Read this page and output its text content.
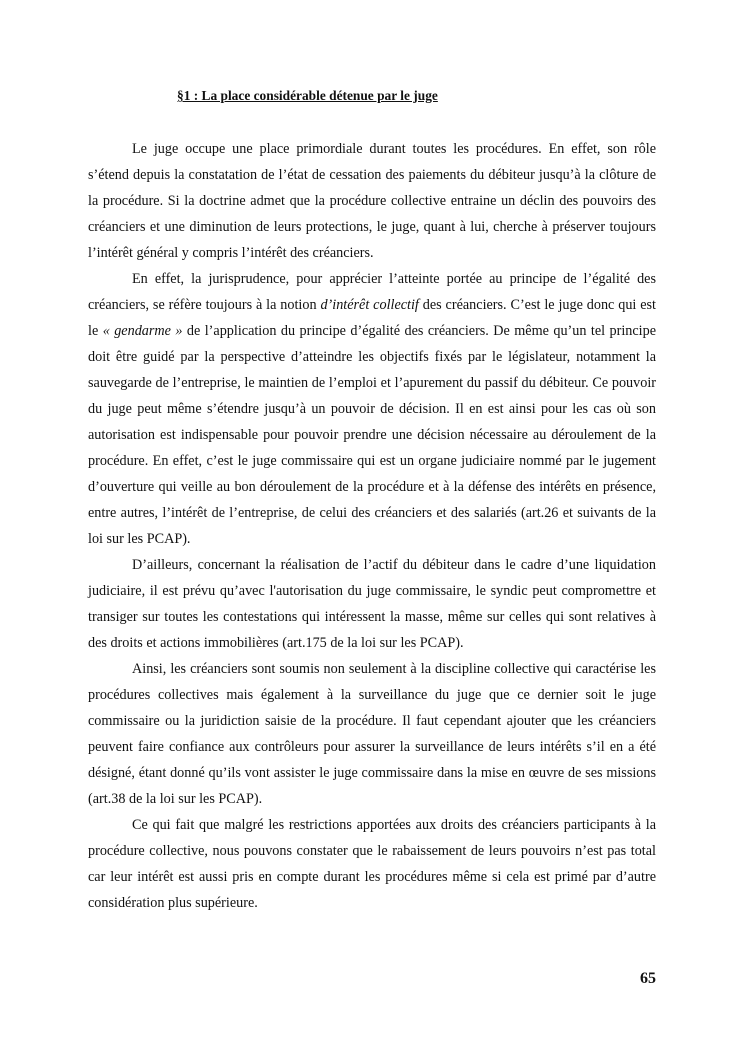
§1 : La place considérable détenue par le juge

Le juge occupe une place primordiale durant toutes les procédures. En effet, son rôle s’étend depuis la constatation de l’état de cessation des paiements du débiteur jusqu’à la clôture de la procédure. Si la doctrine admet que la procédure collective entraine un déclin des pouvoirs des créanciers et une diminution de leurs protections, le juge, quant à lui, cherche à préserver toujours l’intérêt général y compris l’intérêt des créanciers.

En effet, la jurisprudence, pour apprécier l’atteinte portée au principe de l’égalité des créanciers, se réfère toujours à la notion d’intérêt collectif des créanciers. C’est le juge donc qui est le « gendarme » de l’application du principe d’égalité des créanciers. De même qu’un tel principe doit être guidé par la perspective d’atteindre les objectifs fixés par le législateur, notamment la sauvegarde de l’entreprise, le maintien de l’emploi et l’apurement du passif du débiteur. Ce pouvoir du juge peut même s’étendre jusqu’à un pouvoir de décision. Il en est ainsi pour les cas où son autorisation est indispensable pour pouvoir prendre une décision nécessaire au déroulement de la procédure. En effet, c’est le juge commissaire qui est un organe judiciaire nommé par le jugement d’ouverture qui veille au bon déroulement de la procédure et à la défense des intérêts en présence, entre autres, l’intérêt de l’entreprise, de celui des créanciers et des salariés (art.26 et suivants de la loi sur les PCAP).

D’ailleurs, concernant la réalisation de l’actif du débiteur dans le cadre d’une liquidation judiciaire, il est prévu qu’avec l'autorisation du juge commissaire, le syndic peut compromettre et transiger sur toutes les contestations qui intéressent la masse, même sur celles qui sont relatives à des droits et actions immobilières (art.175 de la loi sur les PCAP).

Ainsi, les créanciers sont soumis non seulement à la discipline collective qui caractérise les procédures collectives mais également à la surveillance du juge que ce dernier soit le juge commissaire ou la juridiction saisie de la procédure. Il faut cependant ajouter que les créanciers peuvent faire confiance aux contrôleurs pour assurer la surveillance de leurs intérêts s’il en a été désigné, étant donné qu’ils vont assister le juge commissaire dans la mise en œuvre de ses missions (art.38 de la loi sur les PCAP).

Ce qui fait que malgré les restrictions apportées aux droits des créanciers participants à la procédure collective, nous pouvons constater que le rabaissement de leurs pouvoirs n’est pas total car leur intérêt est aussi pris en compte durant les procédures même si cela est primé par d’autre considération plus supérieure.

65
